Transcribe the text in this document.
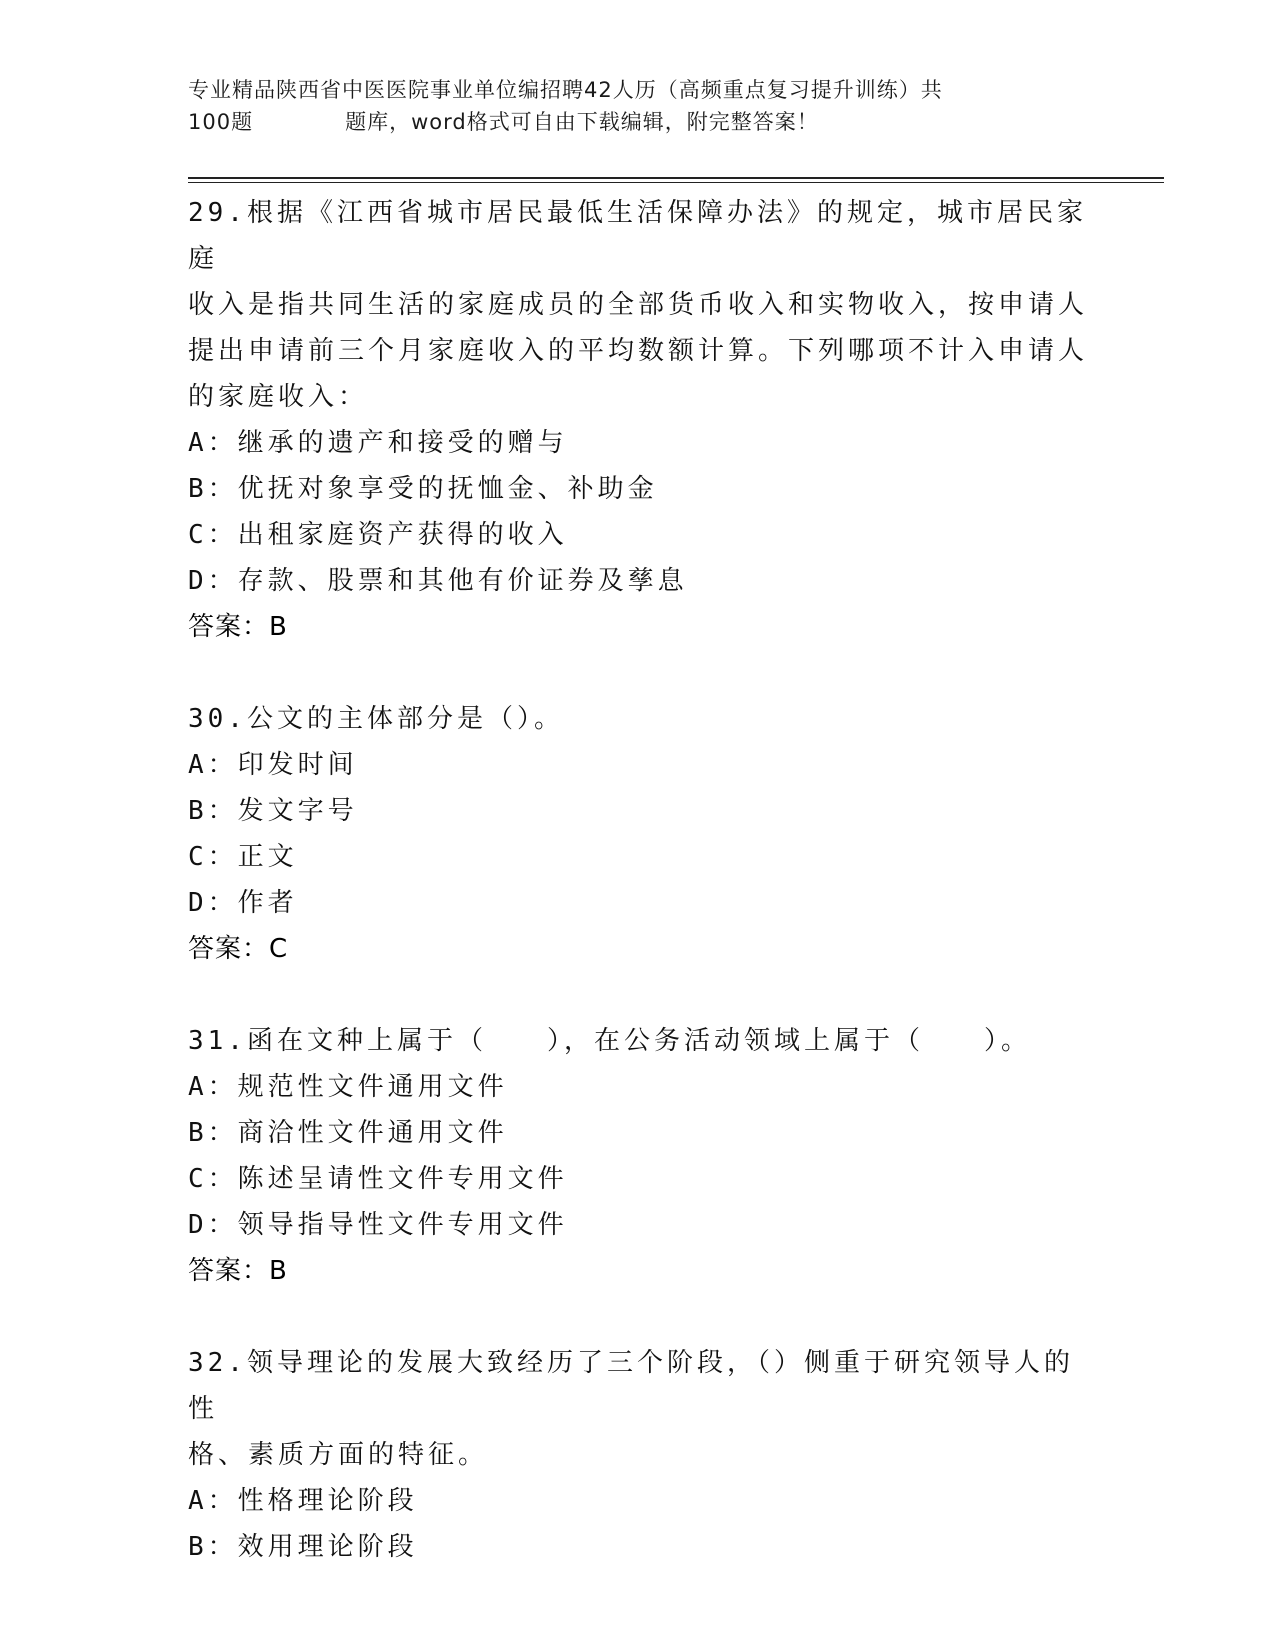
专业精品陕西省中医医院事业单位编招聘42人历（高频重点复习提升训练）共
100题	题库，word格式可自由下载编辑，附完整答案！

29.根据《江西省城市居民最低生活保障办法》的规定，城市居民家庭

收入是指共同生活的家庭成员的全部货币收入和实物收入，按申请人

提出申请前三个月家庭收入的平均数额计算。下列哪项不计入申请人

的家庭收入：

A：继承的遗产和接受的赠与

B：优抚对象享受的抚恤金、补助金

C：出租家庭资产获得的收入

D：存款、股票和其他有价证券及孳息

答案：B

30.公文的主体部分是（）。

A：印发时间

B：发文字号

C：正文

D：作者

答案：C

31.函在文种上属于（　　），在公务活动领域上属于（　　）。

A：规范性文件通用文件

B：商洽性文件通用文件

C：陈述呈请性文件专用文件

D：领导指导性文件专用文件

答案：B

32.领导理论的发展大致经历了三个阶段，（）侧重于研究领导人的性

格、素质方面的特征。

A：性格理论阶段

B：效用理论阶段
